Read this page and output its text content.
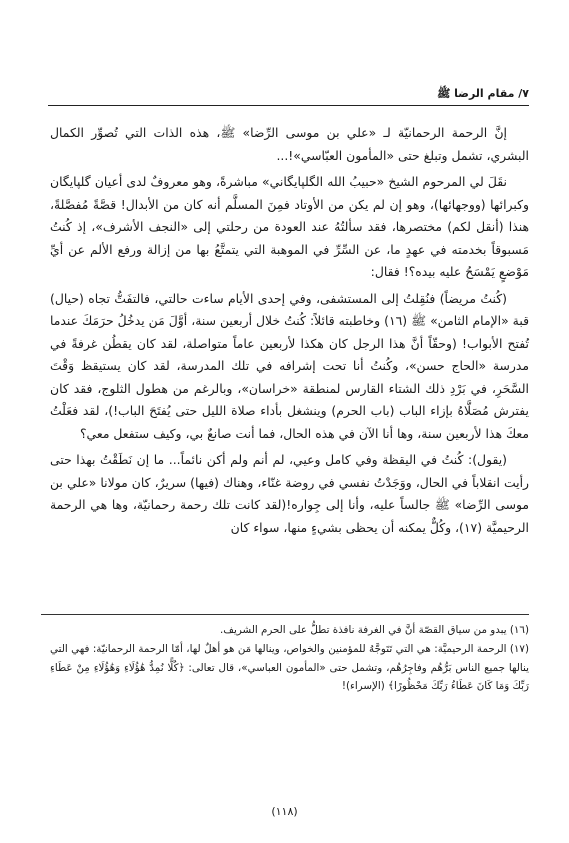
٧/ مقام الرضا ﷺ

إنَّ الرحمة الرحمانيّة لـ «علي بن موسى الرِّضا» ﷺ، هذه الذات التي تُصوِّر الكمال البشري، تشمل وتبلغ حتى «المأمون العبّاسي»!...

نقَلَ لي المرحوم الشيخ «حبيبُ الله الگلپايگاني» مباشرةً، وهو معروفٌ لدى أعيان گلپايگان وكبرائها (ووجهائها)، وهو إن لم يكن من الأوتاد فمِنَ المسلَّم أنه كان من الأبدال! قصَّةً مُفصَّلةً، هنذا (أنقل لكم) مختصرها، فقد سألتُهُ عند العودة من رحلتي إلى «النجف الأشرف»، إذ كُنتُ مَسبوقاً بخدمته في عهدٍ ما، عن السِّرِّ في الموهبة التي يتمتَّعُ بها من إزالة ورفع الألم عن أيِّ مَوْضعٍ يَمْسَحُ عليه بيده؟! فقال:

(كُنتُ مريضاً) فنُقِلتُ إلى المستشفى، وفي إحدى الأيام ساءت حالتي، فالتفَتُّ تجاه (حيال) قبة «الإمام الثامن» ﷺ (١٦) وخاطبته قائلاً: كُنتُ خلال أربعين سنة، أوَّلَ مَن يدخُلُ حرَمَكَ عندما تُفتح الأبواب! (وحقّاً أنَّ هذا الرجل كان هكذا لأربعين عاماً متواصلة، لقد كان يقطُن غرفةً في مدرسة «الحاج حسن»، وكُنتُ أنا تحت إشرافه في تلك المدرسة، لقد كان يستيقظ وَقْتَ السَّحَرِ، في بَرْدِ ذلك الشتاء القارس لمنطقة «خراسان»، وبالرغم من هطول الثلوج، فقد كان يفترش مُصَلَّاهُ بإزاء الباب (باب الحرم) وينشغل بأداء صلاة الليل حتى يُفتَحَ الباب!)، لقد فعَلْتُ معكَ هذا لأربعين سنة، وها أنا الآن في هذه الحال، فما أنت صانعٌ بي، وكيف ستفعل معي؟

(يقول): كُنتُ في اليقظة وفي كامل وعيي، لم أنم ولم أكن نائماً... ما إن نَطَقْتُ بهذا حتى رأيت انقلاباً في الحال، ووَجَدْتُ نفسي في روضة غنّاء، وهناك (فيها) سريرٌ، كان مولانا «علي بن موسى الرِّضا» ﷺ جالساً عليه، وأنا إلى جِواره!(لقد كانت تلك رحمة رحمانيّة، وها هي الرحمة الرحيميَّة (١٧)، وكُلٌّ يمكنه أن يحظى بشيءٍ منها، سواء كان

(١٦) يبدو من سياق القصّة أنَّ في الغرفة نافذة تطلُّ على الحرم الشريف.

(١٧) الرحمة الرحيميَّة: هي التي تَتَوجَّهُ للمؤمنين والخواص، وينالها مَن هو أهلٌ لها، أمّا الرحمة الرحمانيّة: فهي التي ينالها جميع الناس بَرُّهُم وفاجِرُهُم، وتشمل حتى «المأمون العباسي»، قال تعالى: ﴿كُلًّا نُمِدُّ هَٰؤُلَاءِ وَهَٰؤُلَاءِ مِنْ عَطَاءِ رَبِّكَ وَمَا كَانَ عَطَاءُ رَبِّكَ مَحْظُورًا﴾ (الإسراء)!

(١١٨)
